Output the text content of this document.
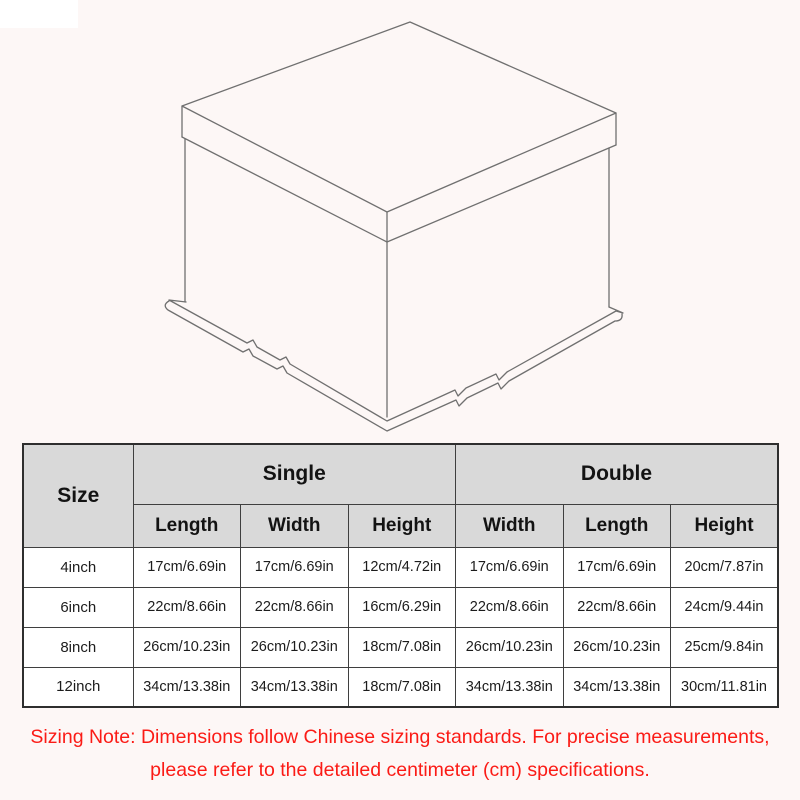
Size	Single			Double		
	Length	Width	Height	Width	Length	Height
4inch	17cm/6.69in	17cm/6.69in	12cm/4.72in	17cm/6.69in	17cm/6.69in	20cm/7.87in
6inch	22cm/8.66in	22cm/8.66in	16cm/6.29in	22cm/8.66in	22cm/8.66in	24cm/9.44in
8inch	26cm/10.23in	26cm/10.23in	18cm/7.08in	26cm/10.23in	26cm/10.23in	25cm/9.84in
12inch	34cm/13.38in	34cm/13.38in	18cm/7.08in	34cm/13.38in	34cm/13.38in	30cm/11.81in
Sizing Note: Dimensions follow Chinese sizing standards. For precise measurements,
please refer to the detailed centimeter (cm) specifications.
